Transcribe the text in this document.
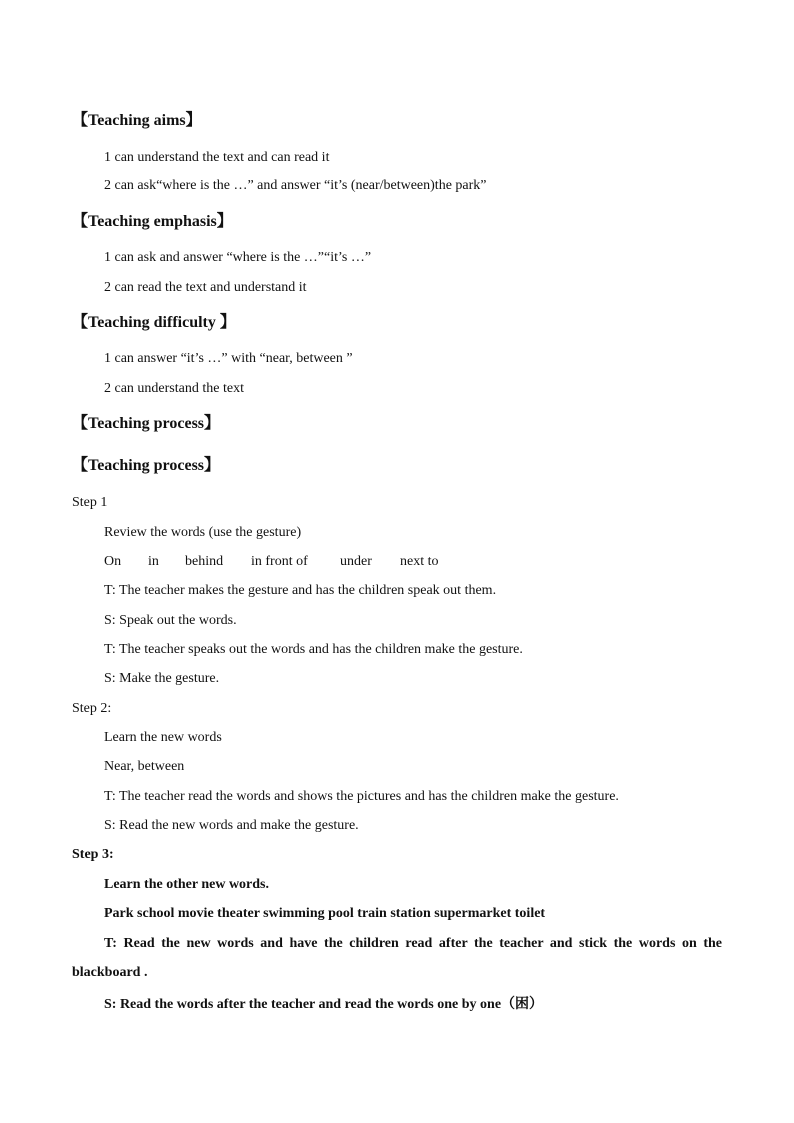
【Teaching aims】
1 can understand the text and can read it
2 can ask“where is the …” and answer “it’s (near/between)the park”
【Teaching emphasis】
1 can ask and answer “where is the …”“it’s …”
2 can read the text and understand it
【Teaching difficulty 】
1 can answer “it’s …” with “near, between ”
2 can understand the text
【Teaching process】
【Teaching process】
Step 1
Review the words (use the gesture)
On in behind in front of under next to
T: The teacher makes the gesture and has the children speak out them.
S: Speak out the words.
T: The teacher speaks out the words and has the children make the gesture.
S: Make the gesture.
Step 2:
Learn the new words
Near, between
T: The teacher read the words and shows the pictures and has the children make the gesture.
S: Read the new words and make the gesture.
Step 3:
Learn the other new words.
Park school movie theater swimming pool train station supermarket toilet
T: Read the new words and have the children read after the teacher and stick the words on the blackboard .
S: Read the words after the teacher and read the words one by one（困）
